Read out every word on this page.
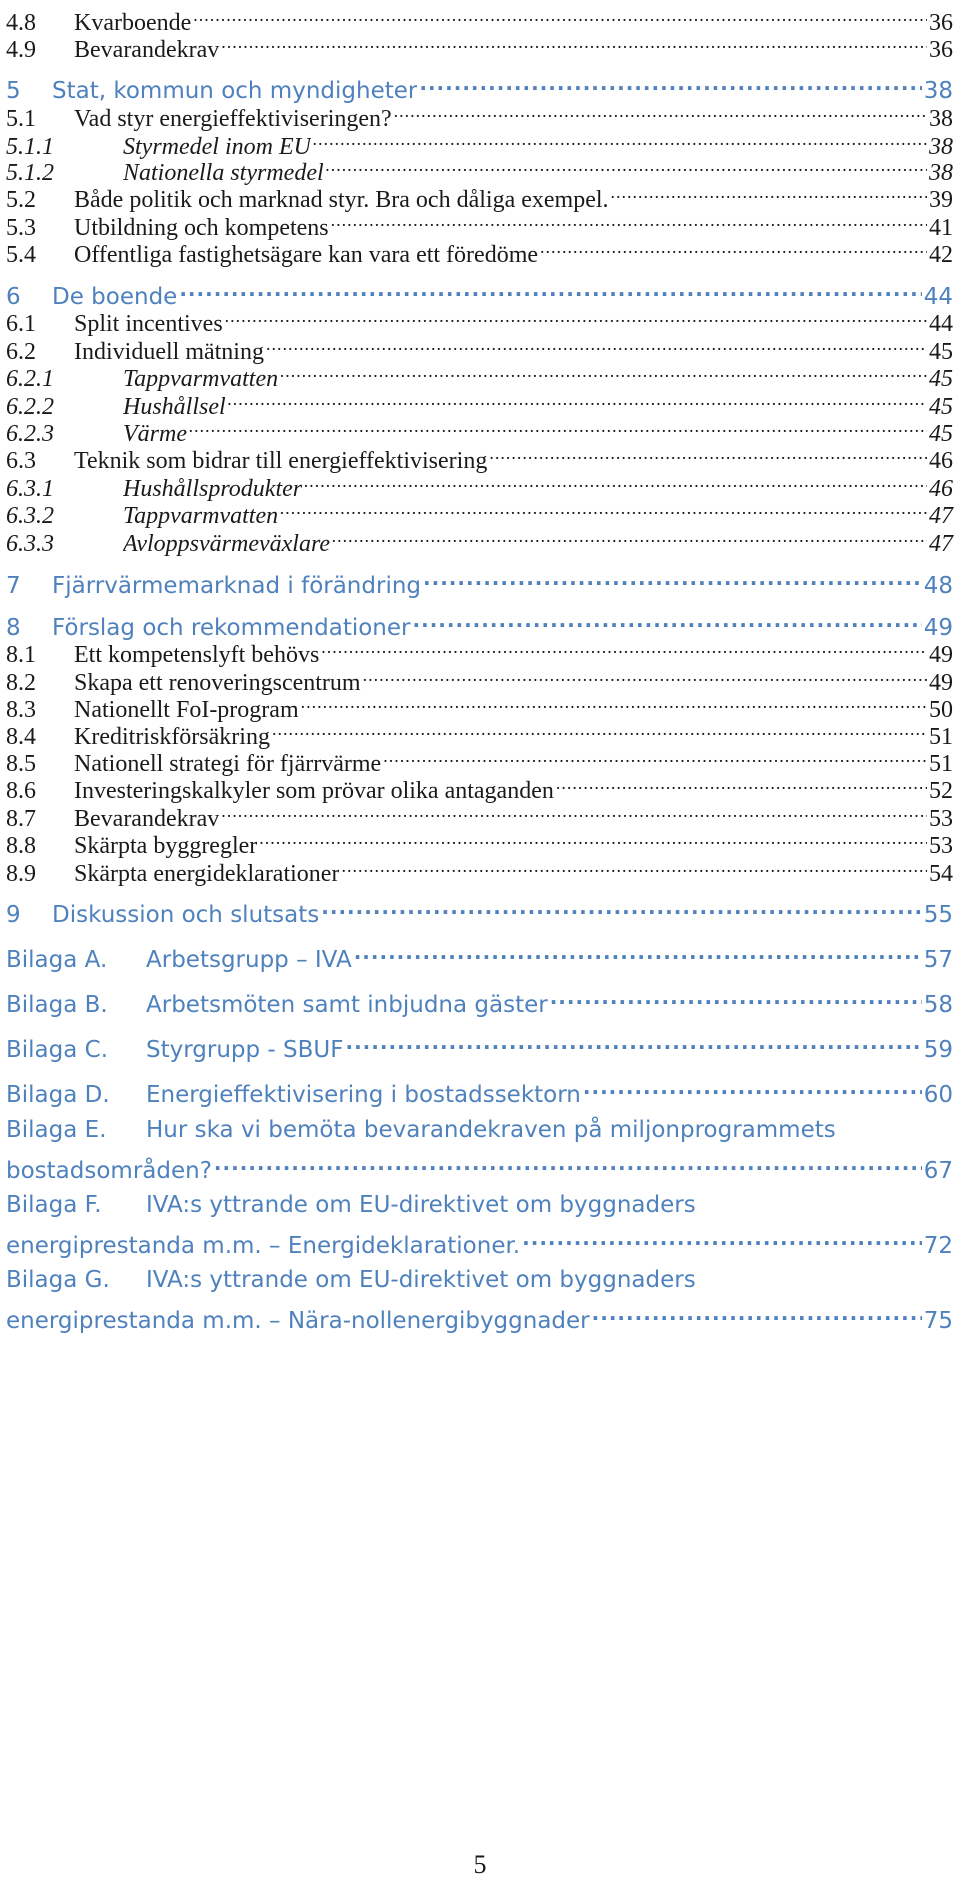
4.8	Kvarboende .....	36
4.9	Bevarandekrav .....	36
5	Stat, kommun och myndigheter .....	38
5.1	Vad styr energieffektiviseringen? .....	38
5.1.1	Styrmedel inom EU .....	38
5.1.2	Nationella styrmedel .....	38
5.2	Både politik och marknad styr. Bra och dåliga exempel. .....	39
5.3	Utbildning och kompetens .....	41
5.4	Offentliga fastighetsägare kan vara ett föredöme .....	42
6	De boende .....	44
6.1	Split incentives .....	44
6.2	Individuell mätning .....	45
6.2.1	Tappvarmvatten .....	45
6.2.2	Hushållsel .....	45
6.2.3	Värme .....	45
6.3	Teknik som bidrar till energieffektivisering .....	46
6.3.1	Hushållsprodukter .....	46
6.3.2	Tappvarmvatten .....	47
6.3.3	Avloppsvärmeväxlare .....	47
7	Fjärrvärmemarknad i förändring .....	48
8	Förslag och rekommendationer .....	49
8.1	Ett kompetenslyft behövs .....	49
8.2	Skapa ett renoveringscentrum .....	49
8.3	Nationellt FoI-program .....	50
8.4	Kreditriskförsäkring .....	51
8.5	Nationell strategi för fjärrvärme .....	51
8.6	Investeringskalkyler som prövar olika antaganden .....	52
8.7	Bevarandekrav .....	53
8.8	Skärpta byggregler .....	53
8.9	Skärpta energideklarationer .....	54
9	Diskussion och slutsats .....	55
Bilaga A.	Arbetsgrupp – IVA .....	57
Bilaga B.	Arbetsmöten samt inbjudna gäster .....	58
Bilaga C.	Styrgrupp - SBUF .....	59
Bilaga D.	Energieffektivisering i bostadssektorn .....	60
Bilaga E.	Hur ska vi bemöta bevarandekraven på miljonprogrammets
bostadsområden? .....	67
Bilaga F.	IVA:s yttrande om EU-direktivet om byggnaders
energiprestanda m.m. – Energideklarationer. .....	72
Bilaga G.	IVA:s yttrande om EU-direktivet om byggnaders
energiprestanda m.m. – Nära-nollenergibyggnader .....	75
5
